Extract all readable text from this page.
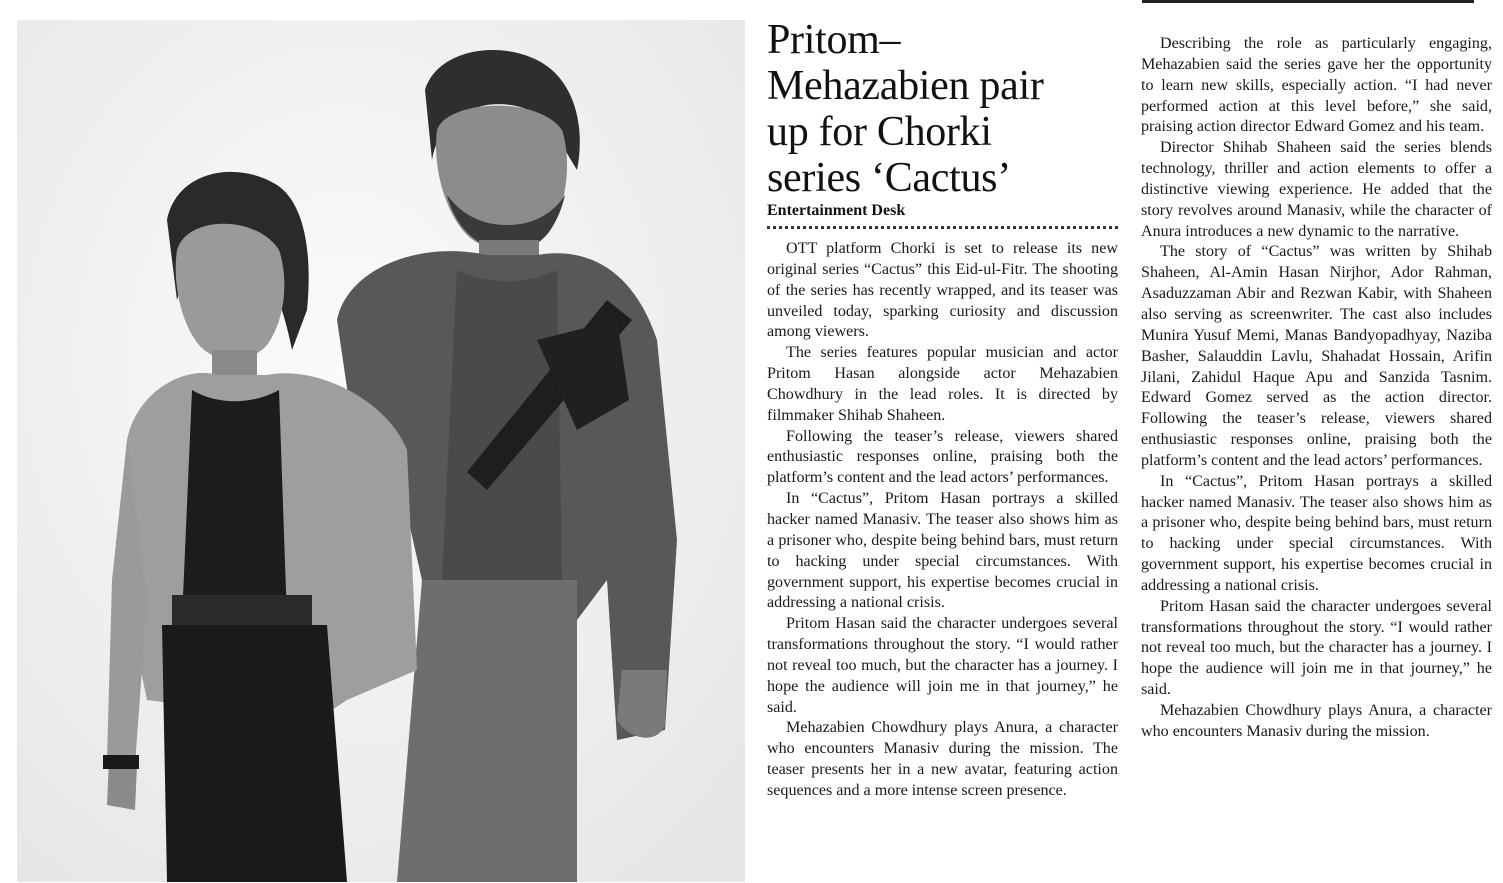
Pritom–
Mehazabien pair
up for Chorki
series ‘Cactus’
Entertainment Desk

OTT platform Chorki is set to release its new original series “Cactus” this Eid-ul-Fitr. The shooting of the series has recently wrapped, and its teaser was unveiled today, sparking curiosity and discussion among viewers.

The series features popular musician and actor Pritom Hasan alongside actor Mehazabien Chowdhury in the lead roles. It is directed by filmmaker Shihab Shaheen.

Following the teaser’s release, viewers shared enthusiastic responses online, praising both the platform’s content and the lead actors’ performances.

In “Cactus”, Pritom Hasan portrays a skilled hacker named Manasiv. The teaser also shows him as a prisoner who, despite being behind bars, must return to hacking under special circumstances. With government support, his expertise becomes crucial in addressing a national crisis.

Pritom Hasan said the character undergoes several transformations throughout the story. “I would rather not reveal too much, but the character has a journey. I hope the audience will join me in that journey,” he said.

Mehazabien Chowdhury plays Anura, a character who encounters Manasiv during the mission. The teaser presents her in a new avatar, featuring action sequences and a more intense screen presence.

Describing the role as particularly engaging, Mehazabien said the series gave her the opportunity to learn new skills, especially action. “I had never performed action at this level before,” she said, praising action director Edward Gomez and his team.

Director Shihab Shaheen said the series blends technology, thriller and action elements to offer a distinctive viewing experience. He added that the story revolves around Manasiv, while the character of Anura introduces a new dynamic to the narrative.

The story of “Cactus” was written by Shihab Shaheen, Al-Amin Hasan Nirjhor, Ador Rahman, Asaduzzaman Abir and Rezwan Kabir, with Shaheen also serving as screenwriter. The cast also includes Munira Yusuf Memi, Manas Bandyopadhyay, Naziba Basher, Salauddin Lavlu, Shahadat Hossain, Arifin Jilani, Zahidul Haque Apu and Sanzida Tasnim. Edward Gomez served as the action director. Following the teaser’s release, viewers shared enthusiastic responses online, praising both the platform’s content and the lead actors’ performances.

In “Cactus”, Pritom Hasan portrays a skilled hacker named Manasiv. The teaser also shows him as a prisoner who, despite being behind bars, must return to hacking under special circumstances. With government support, his expertise becomes crucial in addressing a national crisis.

Pritom Hasan said the character undergoes several transformations throughout the story. “I would rather not reveal too much, but the character has a journey. I hope the audience will join me in that journey,” he said.

Mehazabien Chowdhury plays Anura, a character who encounters Manasiv during the mission.
